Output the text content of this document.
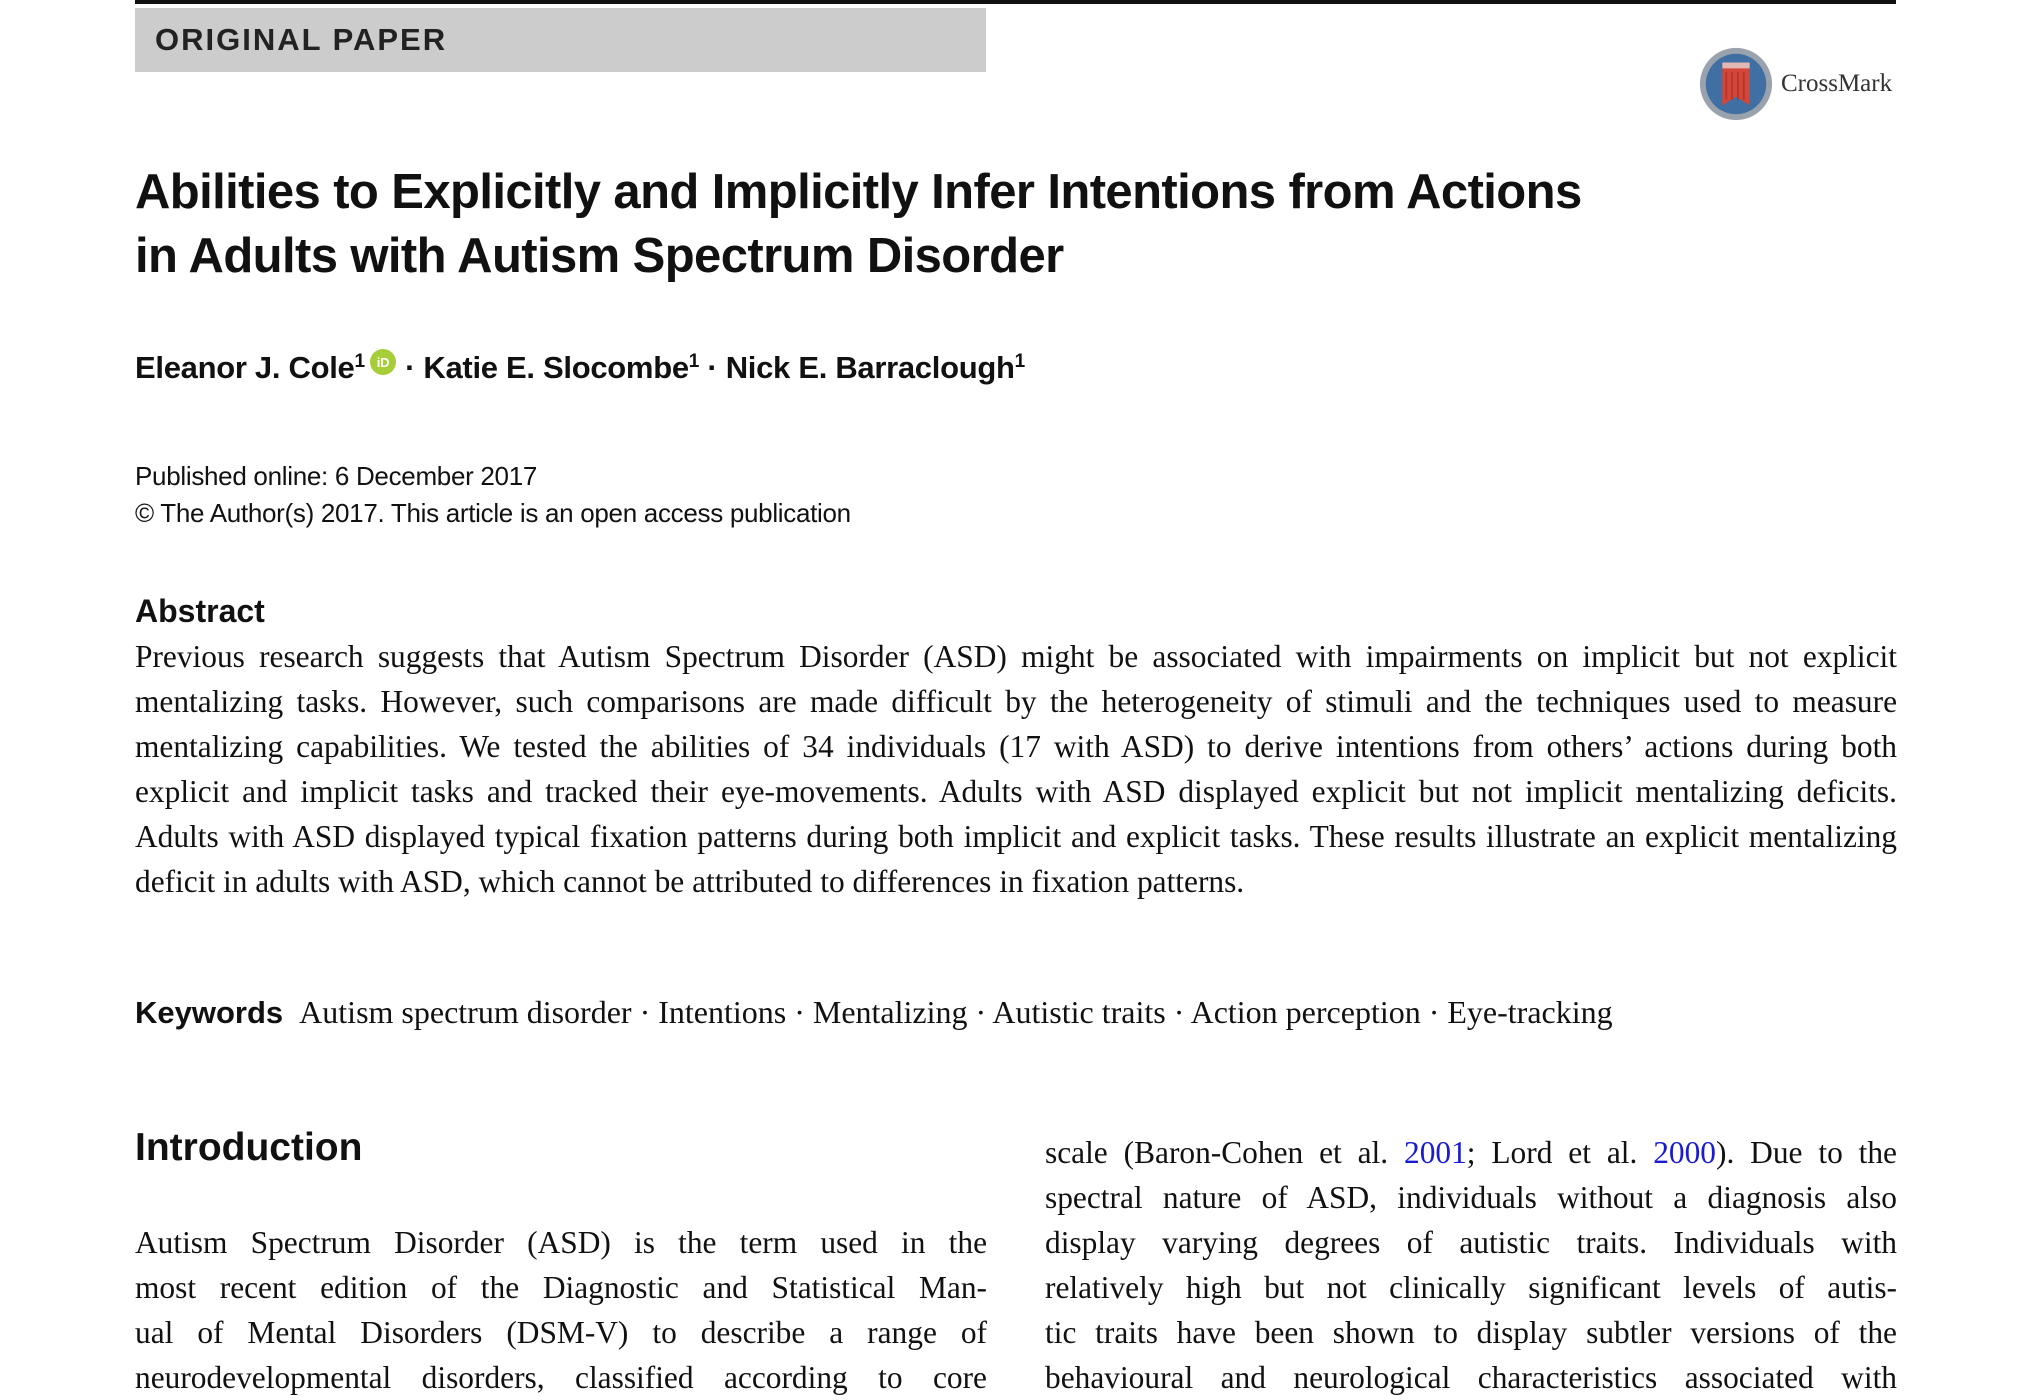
ORIGINAL PAPER
CrossMark
Abilities to Explicitly and Implicitly Infer Intentions from Actions
in Adults with Autism Spectrum Disorder
Eleanor J. Cole$^1$ iD · Katie E. Slocombe$^1$ · Nick E. Barraclough$^1$
Published online: 6 December 2017
© The Author(s) 2017. This article is an open access publication
Abstract
Previous research suggests that Autism Spectrum Disorder (ASD) might be associated with impairments on implicit but not explicit mentalizing tasks. However, such comparisons are made difficult by the heterogeneity of stimuli and the techniques used to measure mentalizing capabilities. We tested the abilities of 34 individuals (17 with ASD) to derive intentions from others’ actions during both explicit and implicit tasks and tracked their eye-movements. Adults with ASD displayed explicit but not implicit mentalizing deficits. Adults with ASD displayed typical fixation patterns during both implicit and explicit tasks. These results illustrate an explicit mentalizing deficit in adults with ASD, which cannot be attributed to differences in fixation patterns.
Keywords Autism spectrum disorder · Intentions · Mentalizing · Autistic traits · Action perception · Eye-tracking
Introduction
Autism Spectrum Disorder (ASD) is the term used in the
most recent edition of the Diagnostic and Statistical Man-
ual of Mental Disorders (DSM-V) to describe a range of
neurodevelopmental disorders, classified according to core
scale (Baron-Cohen et al. 2001; Lord et al. 2000). Due to the
spectral nature of ASD, individuals without a diagnosis also
display varying degrees of autistic traits. Individuals with
relatively high but not clinically significant levels of autis-
tic traits have been shown to display subtler versions of the
behavioural and neurological characteristics associated with
